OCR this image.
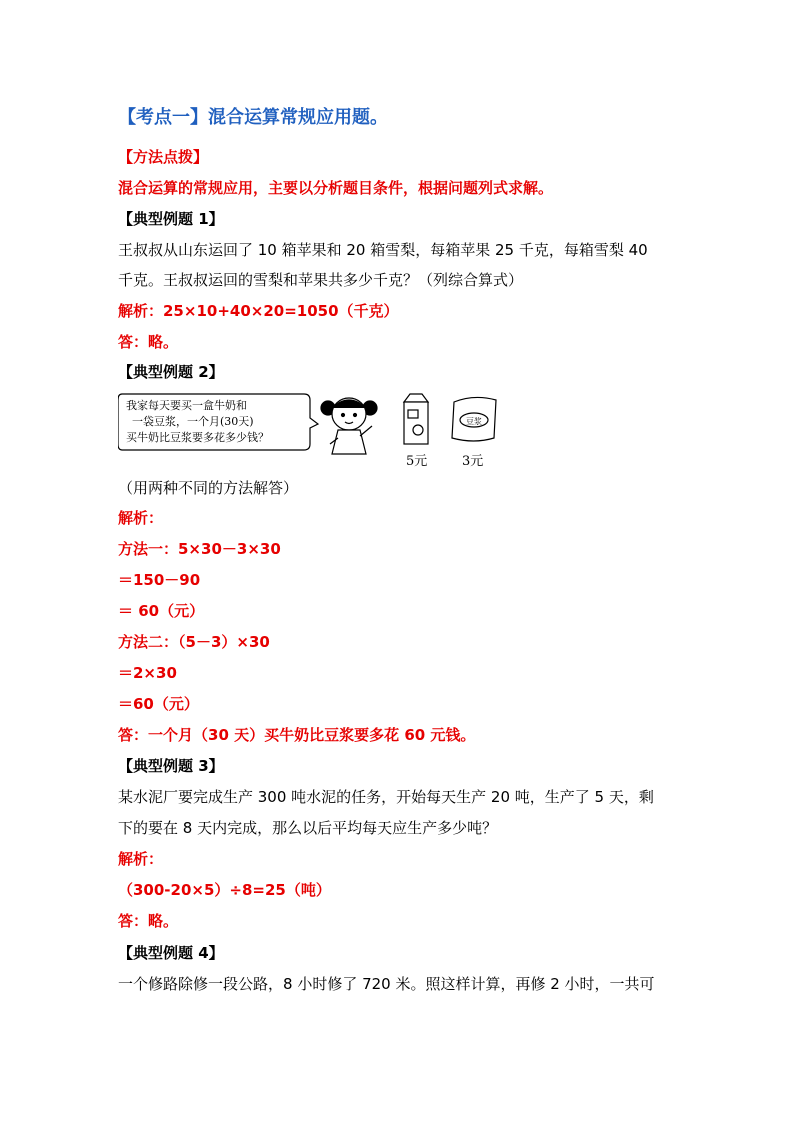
【考点一】混合运算常规应用题。
【方法点拨】
混合运算的常规应用，主要以分析题目条件，根据问题列式求解。
【典型例题 1】
王叔叔从山东运回了 10 箱苹果和 20 箱雪梨，每箱苹果 25 千克，每箱雪梨 40
千克。王叔叔运回的雪梨和苹果共多少千克？（列综合算式）
解析：25×10+40×20=1050（千克）
答：略。
【典型例题 2】
我家每天要买一盒牛奶和
一袋豆浆，一个月(30天)
买牛奶比豆浆要多花多少钱？
豆浆
5元	3元
（用两种不同的方法解答）
解析：
方法一：5×30－3×30
＝150－90
＝ 60（元）
方法二：（5－3）×30
＝2×30
＝60（元）
答：一个月（30 天）买牛奶比豆浆要多花 60 元钱。
【典型例题 3】
某水泥厂要完成生产 300 吨水泥的任务，开始每天生产 20 吨，生产了 5 天，剩
下的要在 8 天内完成，那么以后平均每天应生产多少吨？
解析：
（300-20×5）÷8=25（吨）
答：略。
【典型例题 4】
一个修路除修一段公路，8 小时修了 720 米。照这样计算，再修 2 小时，一共可
